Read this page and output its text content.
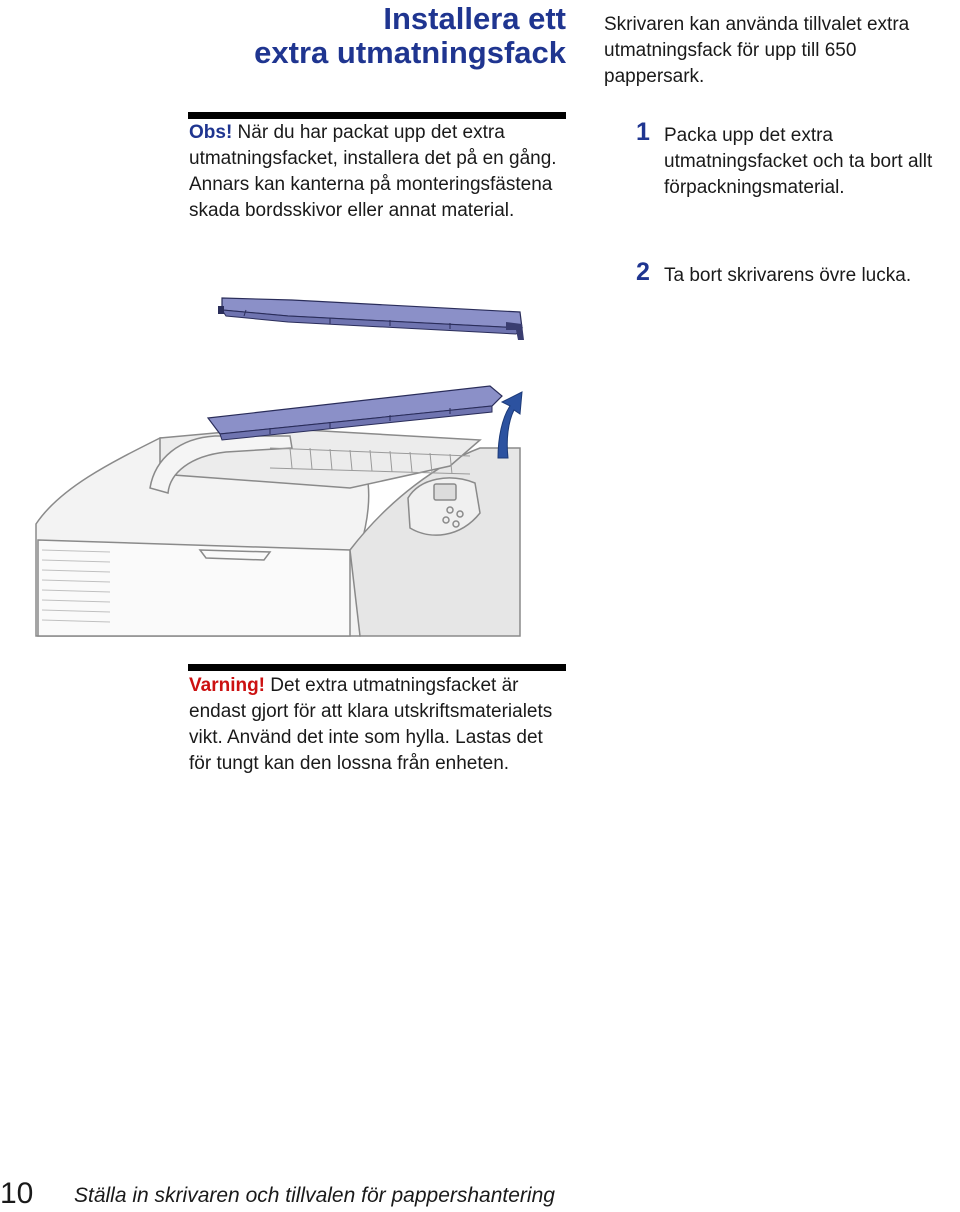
Installera ett
extra utmatningsfack
Skrivaren kan använda tillvalet extra utmatningsfack för upp till 650 pappersark.
Obs! När du har packat upp det extra utmatningsfacket, installera det på en gång. Annars kan kanterna på monteringsfästena skada bordsskivor eller annat material.
1 Packa upp det extra utmatningsfacket och ta bort allt förpackningsmaterial.
2 Ta bort skrivarens övre lucka.
Varning! Det extra utmatningsfacket är endast gjort för att klara utskriftsmaterialets vikt. Använd det inte som hylla. Lastas det för tungt kan den lossna från enheten.
10 Ställa in skrivaren och tillvalen för pappershantering
